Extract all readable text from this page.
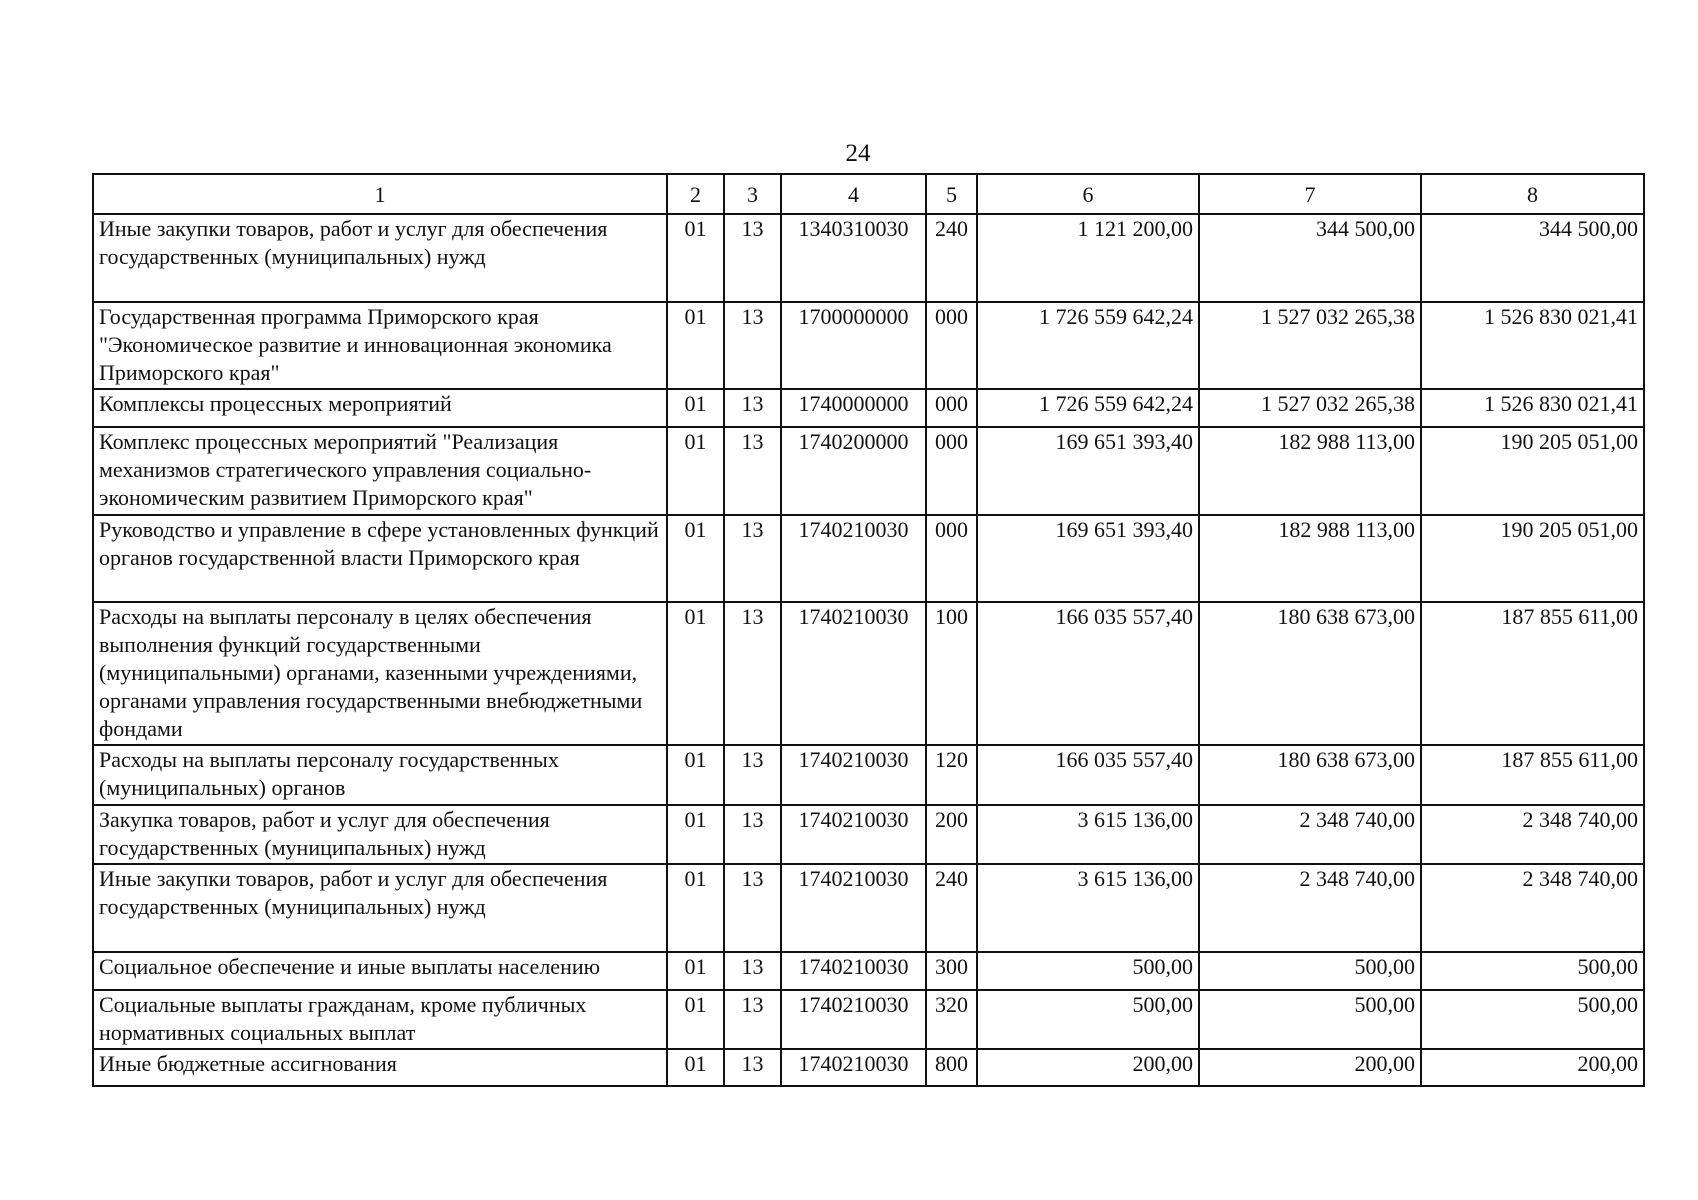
24
1	2	3	4	5	6	7	8
Иные закупки товаров, работ и услуг для обеспечения государственных (муниципальных) нужд	01	13	1340310030	240	1 121 200,00	344 500,00	344 500,00
Государственная программа Приморского края "Экономическое развитие и инновационная экономика Приморского края"	01	13	1700000000	000	1 726 559 642,24	1 527 032 265,38	1 526 830 021,41
Комплексы процессных мероприятий	01	13	1740000000	000	1 726 559 642,24	1 527 032 265,38	1 526 830 021,41
Комплекс процессных мероприятий "Реализация механизмов стратегического управления социально-экономическим развитием Приморского края"	01	13	1740200000	000	169 651 393,40	182 988 113,00	190 205 051,00
Руководство и управление в сфере установленных функций органов государственной власти Приморского края	01	13	1740210030	000	169 651 393,40	182 988 113,00	190 205 051,00
Расходы на выплаты персоналу в целях обеспечения выполнения функций государственными (муниципальными) органами, казенными учреждениями, органами управления государственными внебюджетными фондами	01	13	1740210030	100	166 035 557,40	180 638 673,00	187 855 611,00
Расходы на выплаты персоналу государственных (муниципальных) органов	01	13	1740210030	120	166 035 557,40	180 638 673,00	187 855 611,00
Закупка товаров, работ и услуг для обеспечения государственных (муниципальных) нужд	01	13	1740210030	200	3 615 136,00	2 348 740,00	2 348 740,00
Иные закупки товаров, работ и услуг для обеспечения государственных (муниципальных) нужд	01	13	1740210030	240	3 615 136,00	2 348 740,00	2 348 740,00
Социальное обеспечение и иные выплаты населению	01	13	1740210030	300	500,00	500,00	500,00
Социальные выплаты гражданам, кроме публичных нормативных социальных выплат	01	13	1740210030	320	500,00	500,00	500,00
Иные бюджетные ассигнования	01	13	1740210030	800	200,00	200,00	200,00
